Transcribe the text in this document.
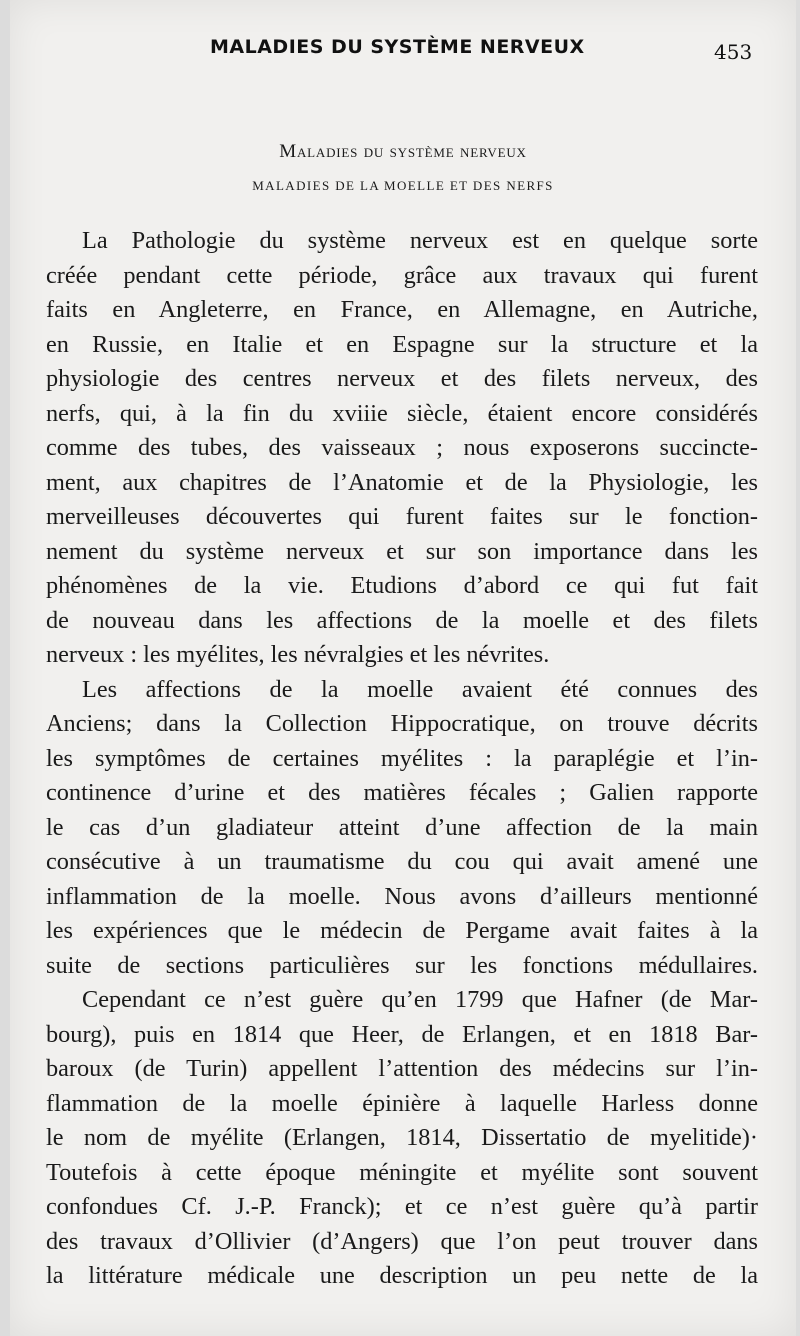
MALADIES DU SYSTÈME NERVEUX	453
Maladies du système nerveux
MALADIES DE LA MOELLE ET DES NERFS
La Pathologie du système nerveux est en quelque sorte
créée pendant cette période, grâce aux travaux qui furent
faits en Angleterre, en France, en Allemagne, en Autriche,
en Russie, en Italie et en Espagne sur la structure et la
physiologie des centres nerveux et des filets nerveux, des
nerfs, qui, à la fin du xviiie siècle, étaient encore considérés
comme des tubes, des vaisseaux ; nous exposerons succincte-
ment, aux chapitres de l’Anatomie et de la Physiologie, les
merveilleuses découvertes qui furent faites sur le fonction-
nement du système nerveux et sur son importance dans les
phénomènes de la vie. Etudions d’abord ce qui fut fait
de nouveau dans les affections de la moelle et des filets
nerveux : les myélites, les névralgies et les névrites.
Les affections de la moelle avaient été connues des
Anciens; dans la Collection Hippocratique, on trouve décrits
les symptômes de certaines myélites : la paraplégie et l’in-
continence d’urine et des matières fécales ; Galien rapporte
le cas d’un gladiateur atteint d’une affection de la main
consécutive à un traumatisme du cou qui avait amené une
inflammation de la moelle. Nous avons d’ailleurs mentionné
les expériences que le médecin de Pergame avait faites à la
suite de sections particulières sur les fonctions médullaires.
Cependant ce n’est guère qu’en 1799 que Hafner (de Mar-
bourg), puis en 1814 que Heer, de Erlangen, et en 1818 Bar-
baroux (de Turin) appellent l’attention des médecins sur l’in-
flammation de la moelle épinière à laquelle Harless donne
le nom de myélite (Erlangen, 1814, Dissertatio de myelitide)·
Toutefois à cette époque méningite et myélite sont souvent
confondues Cf. J.-P. Franck); et ce n’est guère qu’à partir
des travaux d’Ollivier (d’Angers) que l’on peut trouver dans
la littérature médicale une description un peu nette de la
